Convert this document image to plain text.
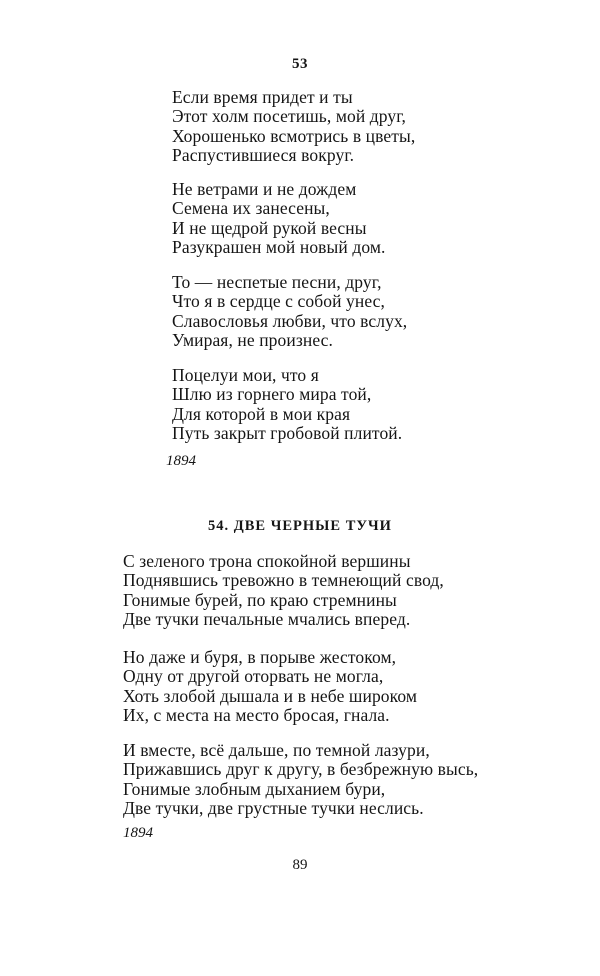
53
Если время придет и ты
Этот холм посетишь, мой друг,
Хорошенько всмотрись в цветы,
Распустившиеся вокруг.
Не ветрами и не дождем
Семена их занесены,
И не щедрой рукой весны
Разукрашен мой новый дом.
То — неспетые песни, друг,
Что я в сердце с собой унес,
Славословья любви, что вслух,
Умирая, не произнес.
Поцелуи мои, что я
Шлю из горнего мира той,
Для которой в мои края
Путь закрыт гробовой плитой.
1894
54. ДВЕ ЧЕРНЫЕ ТУЧИ
С зеленого трона спокойной вершины
Поднявшись тревожно в темнеющий свод,
Гонимые бурей, по краю стремнины
Две тучки печальные мчались вперед.
Но даже и буря, в порыве жестоком,
Одну от другой оторвать не могла,
Хоть злобой дышала и в небе широком
Их, с места на место бросая, гнала.
И вместе, всё дальше, по темной лазури,
Прижавшись друг к другу, в безбрежную высь,
Гонимые злобным дыханием бури,
Две тучки, две грустные тучки неслись.
1894
89
